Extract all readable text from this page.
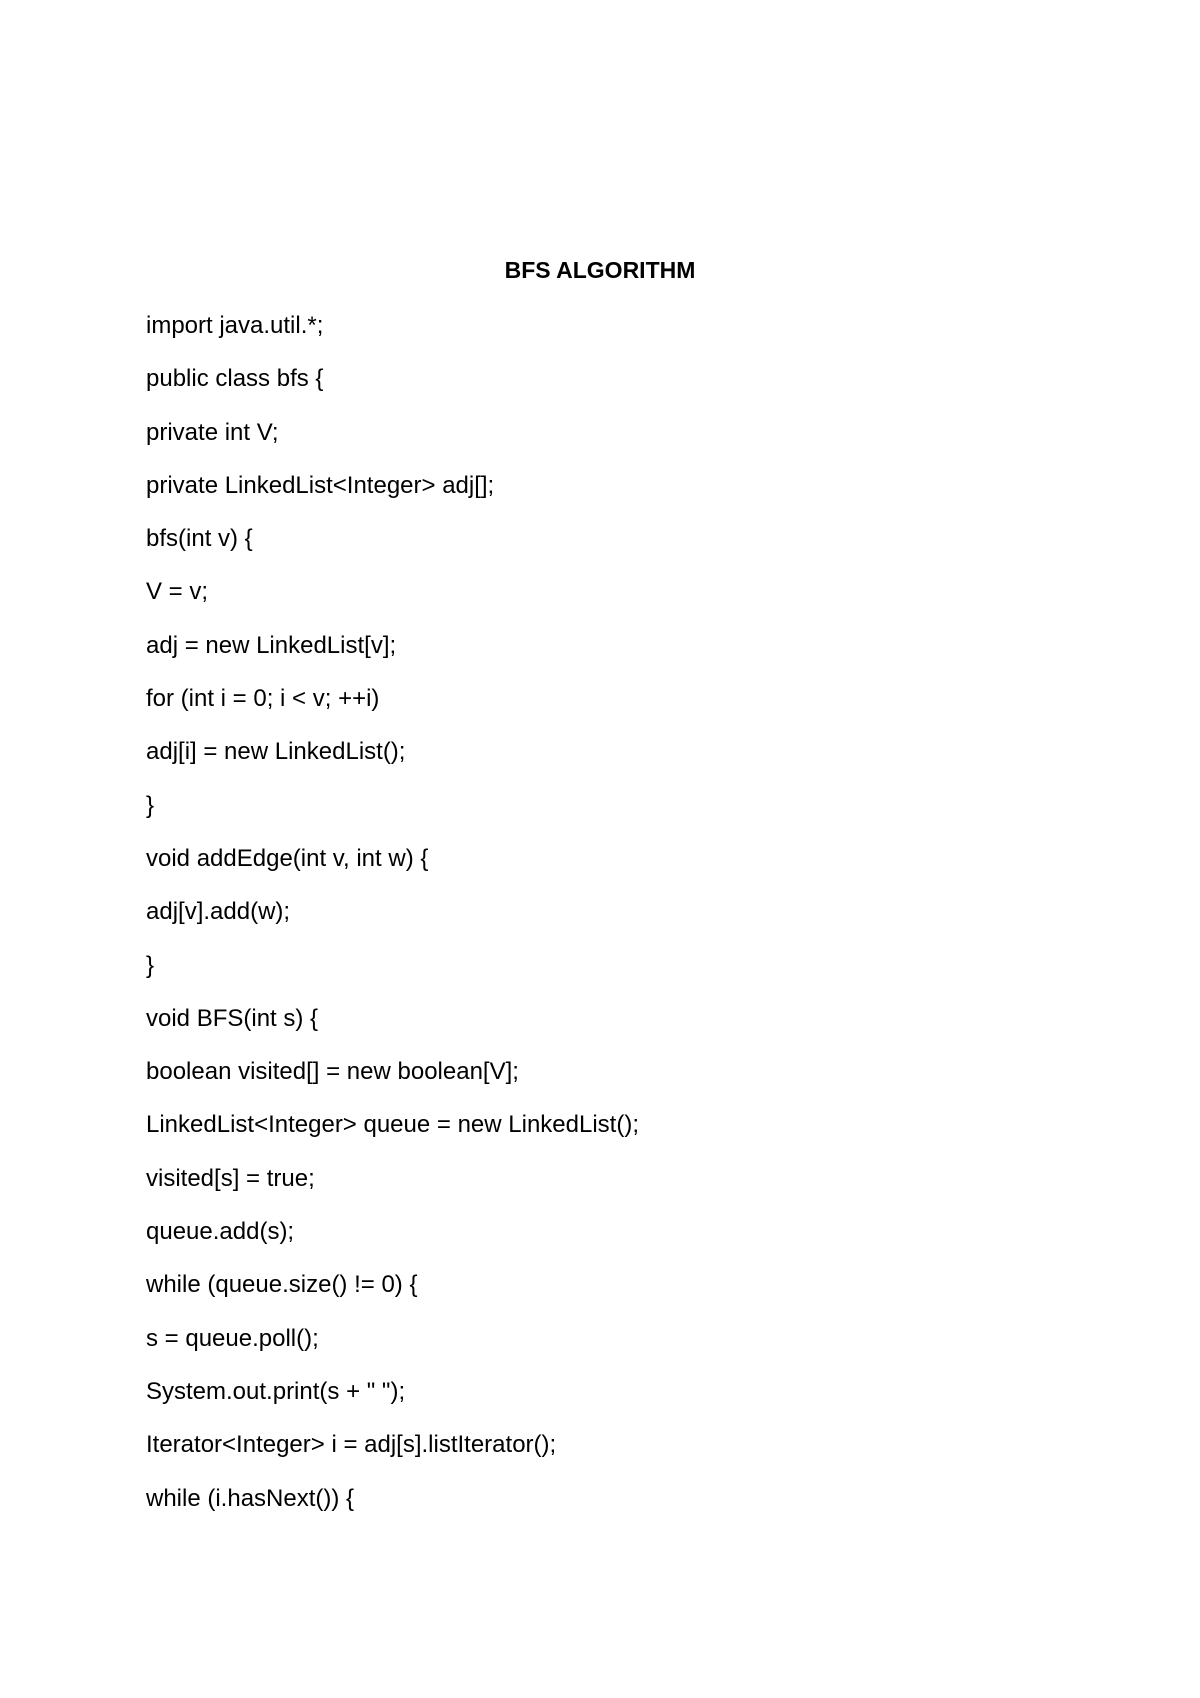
BFS ALGORITHM
import java.util.*;
public class bfs {
private int V;
private LinkedList<Integer> adj[];
bfs(int v) {
V = v;
adj = new LinkedList[v];
for (int i = 0; i < v; ++i)
adj[i] = new LinkedList();
}
void addEdge(int v, int w) {
adj[v].add(w);
}
void BFS(int s) {
boolean visited[] = new boolean[V];
LinkedList<Integer> queue = new LinkedList();
visited[s] = true;
queue.add(s);
while (queue.size() != 0) {
s = queue.poll();
System.out.print(s + " ");
Iterator<Integer> i = adj[s].listIterator();
while (i.hasNext()) {
